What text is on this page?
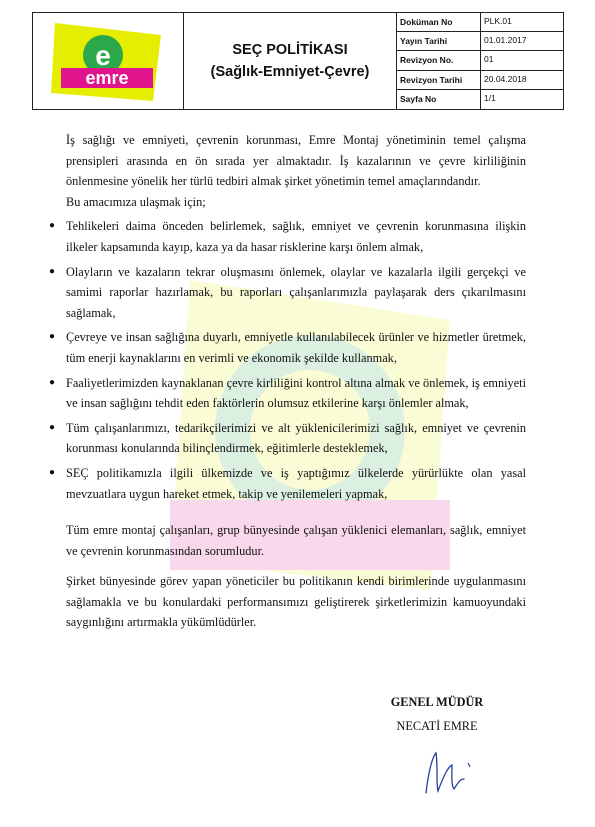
e
emre
SEÇ POLİTİKASI
(Sağlık-Emniyet-Çevre)
Doküman No	PLK.01
Yayın Tarihi	01.01.2017
Revizyon No.	01
Revizyon Tarihi	20.04.2018
Sayfa No	1/1

İş sağlığı ve emniyeti, çevrenin korunması, Emre Montaj yönetiminin temel çalışma prensipleri arasında en ön sırada yer almaktadır. İş kazalarının ve çevre kirliliğinin önlenmesine yönelik her türlü tedbiri almak şirket yönetimin temel amaçlarındandır.

Bu amacımıza ulaşmak için;

● Tehlikeleri daima önceden belirlemek, sağlık, emniyet ve çevrenin korunmasına ilişkin ilkeler kapsamında kayıp, kaza ya da hasar risklerine karşı önlem almak,
● Olayların ve kazaların tekrar oluşmasını önlemek, olaylar ve kazalarla ilgili gerçekçi ve samimi raporlar hazırlamak, bu raporları çalışanlarımızla paylaşarak ders çıkarılmasını sağlamak,
● Çevreye ve insan sağlığına duyarlı, emniyetle kullanılabilecek ürünler ve hizmetler üretmek, tüm enerji kaynaklarını en verimli ve ekonomik şekilde kullanmak,
● Faaliyetlerimizden kaynaklanan çevre kirliliğini kontrol altına almak ve önlemek, iş emniyeti ve insan sağlığını tehdit eden faktörlerin olumsuz etkilerine karşı önlemler almak,
● Tüm çalışanlarımızı, tedarikçilerimizi ve alt yüklenicilerimizi sağlık, emniyet ve çevrenin korunması konularında bilinçlendirmek, eğitimlerle desteklemek,
● SEÇ politikamızla ilgili ülkemizde ve iş yaptığımız ülkelerde yürürlükte olan yasal mevzuatlara uygun hareket etmek, takip ve yenilemeleri yapmak,

Tüm emre montaj çalışanları, grup bünyesinde çalışan yüklenici elemanları, sağlık, emniyet ve çevrenin korunmasından sorumludur.

Şirket bünyesinde görev yapan yöneticiler bu politikanın kendi birimlerinde uygulanmasını sağlamakla ve bu konulardaki performansımızı geliştirerek şirketlerimizin kamuoyundaki saygınlığını artırmakla yükümlüdürler.

GENEL MÜDÜR
NECATİ EMRE
